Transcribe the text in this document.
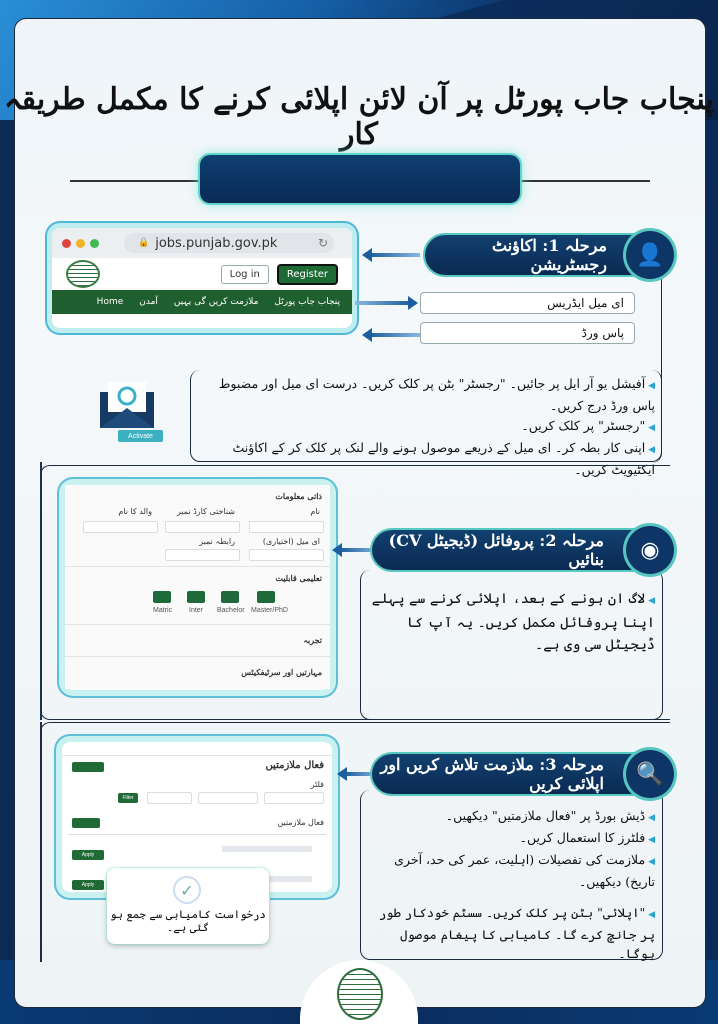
پنجاب جاب پورٹل پر آن لائن اپلائی کرنے کا مکمل طریقہ کار
🔒 jobs.punjab.gov.pk	↻
Log in	Register
Home آمدن ملازمت کریں گی یہیں پنجاب جاب پورٹل
مرحلہ 1: اکاؤنٹ رجسٹریشن	👤
ای میل ایڈریس
پاس ورڈ
Activate
◀ آفیشل یو آر ایل پر جائیں۔ "رجسٹر" بٹن پر کلک کریں۔ درست ای میل اور مضبوط پاس ورڈ درج کریں۔
◀ "رجسٹر" پر کلک کریں۔
◀ اپنی کار بطہ کر۔ ای میل کے ذریعے موصول ہونے والے لنک پر کلک کر کے اکاؤنٹ ایکٹیویٹ کریں۔
ذاتی معلومات
نام
شناختی کارڈ نمبر
والد کا نام
ای میل (اختیاری)
رابطہ نمبر
تعلیمی قابلیت
Matric Inter Bachelor Master/PhD
تجربہ
مہارتیں اور سرٹیفکیٹس
مرحلہ 2: پروفائل (ڈیجیٹل CV) بنائیں	◉
◀ لاگ ان ہونے کے بعد، اپلائی کرنے سے پہلے اپنا پروفائل مکمل کریں۔ یہ آپ کا ڈیجیٹل سی وی ہے۔
فعال ملازمتیں
فلٹر
Filter
فعال ملازمتیں
Apply
Apply	✓
درخواست کامیابی سے جمع ہو گئی ہے۔
مرحلہ 3: ملازمت تلاش کریں اور اپلائی کریں	🔍
◀ ڈیش بورڈ پر "فعال ملازمتیں" دیکھیں۔
◀ فلٹرز کا استعمال کریں۔
◀ ملازمت کی تفصیلات (اہلیت، عمر کی حد، آخری تاریخ) دیکھیں۔
◀ "اپلائی" بٹن پر کلک کریں۔ سسٹم خودکار طور پر جانچ کرے گا۔ کامیابی کا پیغام موصول ہوگا۔
